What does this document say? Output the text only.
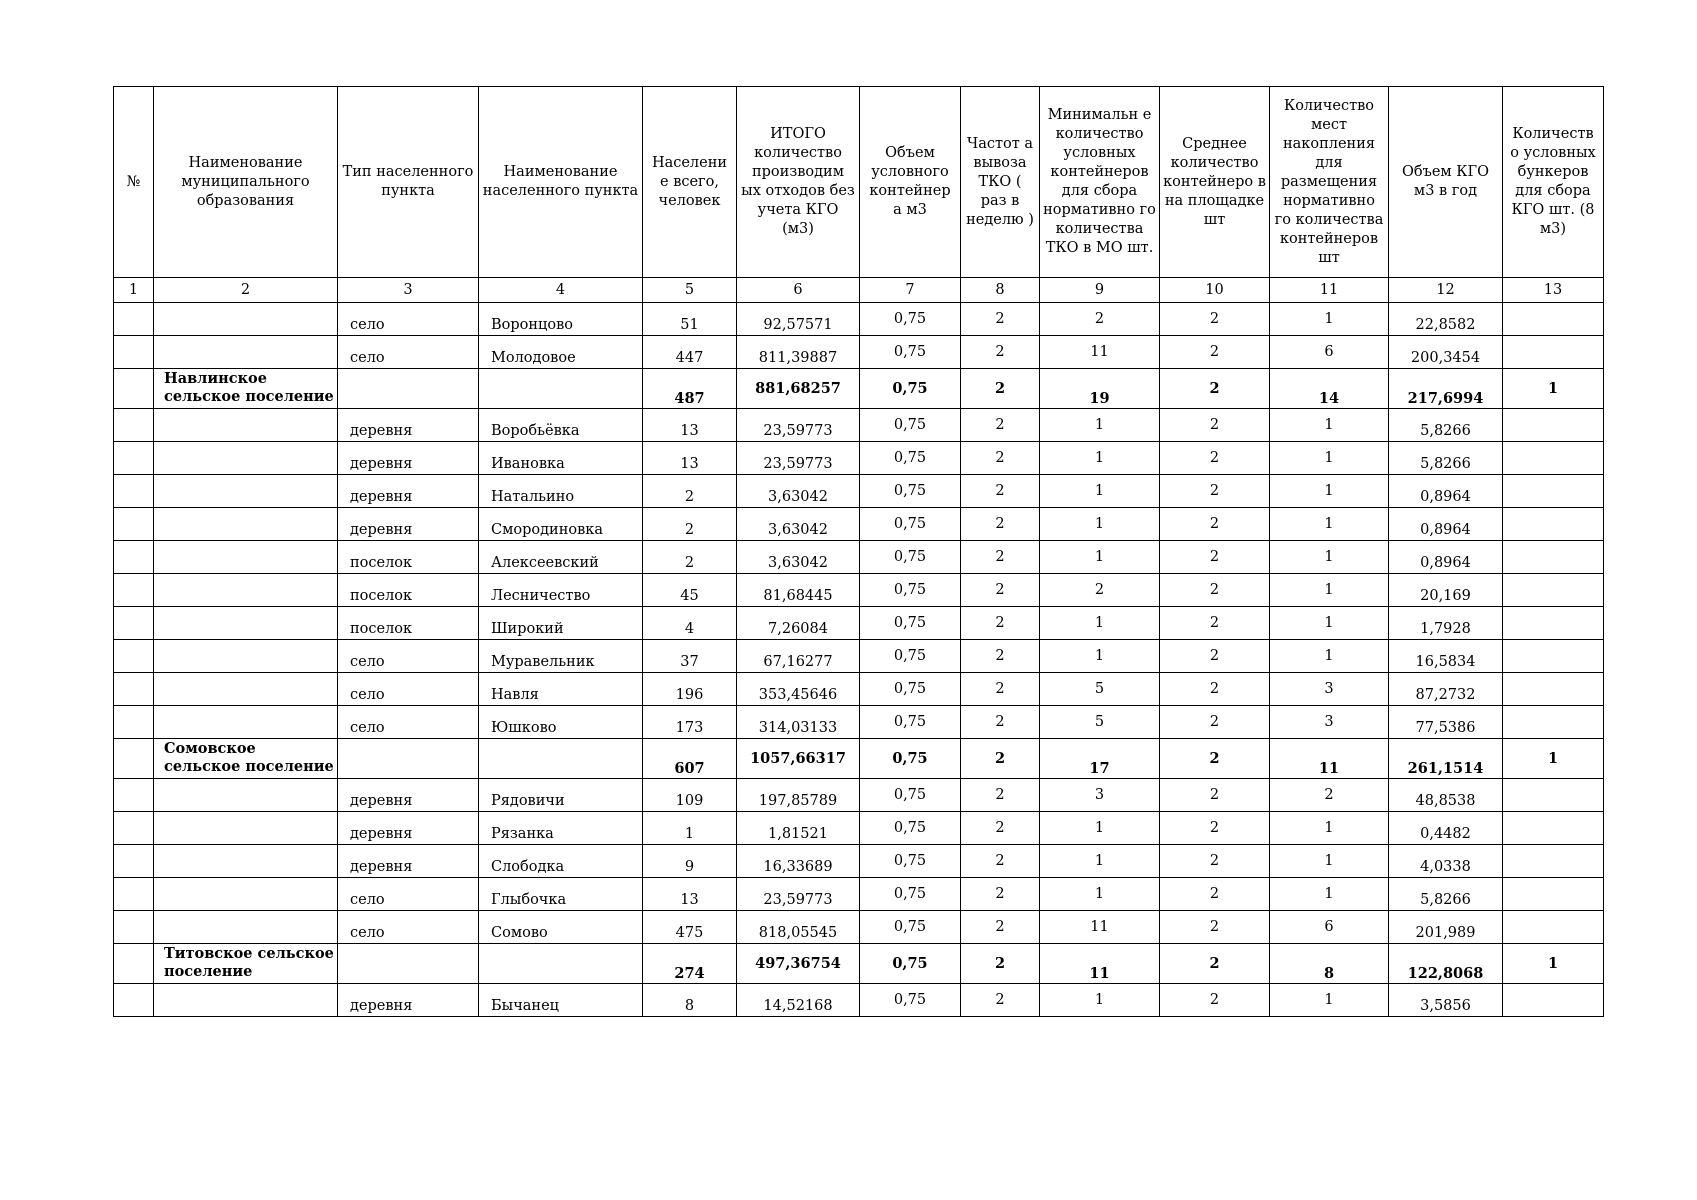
№	Наименование муниципального образования	Тип населенного пункта	Наименование населенного пункта	Населени е всего, человек	ИТОГО количество производим ых отходов без учета КГО (м3)	Объем условного контейнер а м3	Частот а вывоза ТКО ( раз в неделю )	Минимальн е количество условных контейнеров для сбора нормативно го количества ТКО в МО шт.	Среднее количество контейнеро в на площадке шт	Количество мест накопления для размещения нормативно го количества контейнеров шт	Объем КГО м3 в год	Количеств о условных бункеров для сбора КГО шт. (8 м3)
1	2	3	4	5	6	7	8	9	10	11	12	13
		село	Воронцово	51	92,57571	0,75	2	2	2	1	22,8582	
		село	Молодовое	447	811,39887	0,75	2	11	2	6	200,3454	
	Навлинское сельское поселение			487	881,68257	0,75	2	19	2	14	217,6994	1
		деревня	Воробьёвка	13	23,59773	0,75	2	1	2	1	5,8266	
		деревня	Ивановка	13	23,59773	0,75	2	1	2	1	5,8266	
		деревня	Натальино	2	3,63042	0,75	2	1	2	1	0,8964	
		деревня	Смородиновка	2	3,63042	0,75	2	1	2	1	0,8964	
		поселок	Алексеевский	2	3,63042	0,75	2	1	2	1	0,8964	
		поселок	Лесничество	45	81,68445	0,75	2	2	2	1	20,169	
		поселок	Широкий	4	7,26084	0,75	2	1	2	1	1,7928	
		село	Муравельник	37	67,16277	0,75	2	1	2	1	16,5834	
		село	Навля	196	353,45646	0,75	2	5	2	3	87,2732	
		село	Юшково	173	314,03133	0,75	2	5	2	3	77,5386	
	Сомовское сельское поселение			607	1057,66317	0,75	2	17	2	11	261,1514	1
		деревня	Рядовичи	109	197,85789	0,75	2	3	2	2	48,8538	
		деревня	Рязанка	1	1,81521	0,75	2	1	2	1	0,4482	
		деревня	Слободка	9	16,33689	0,75	2	1	2	1	4,0338	
		село	Глыбочка	13	23,59773	0,75	2	1	2	1	5,8266	
		село	Сомово	475	818,05545	0,75	2	11	2	6	201,989	
	Титовское сельское поселение			274	497,36754	0,75	2	11	2	8	122,8068	1
		деревня	Бычанец	8	14,52168	0,75	2	1	2	1	3,5856	
